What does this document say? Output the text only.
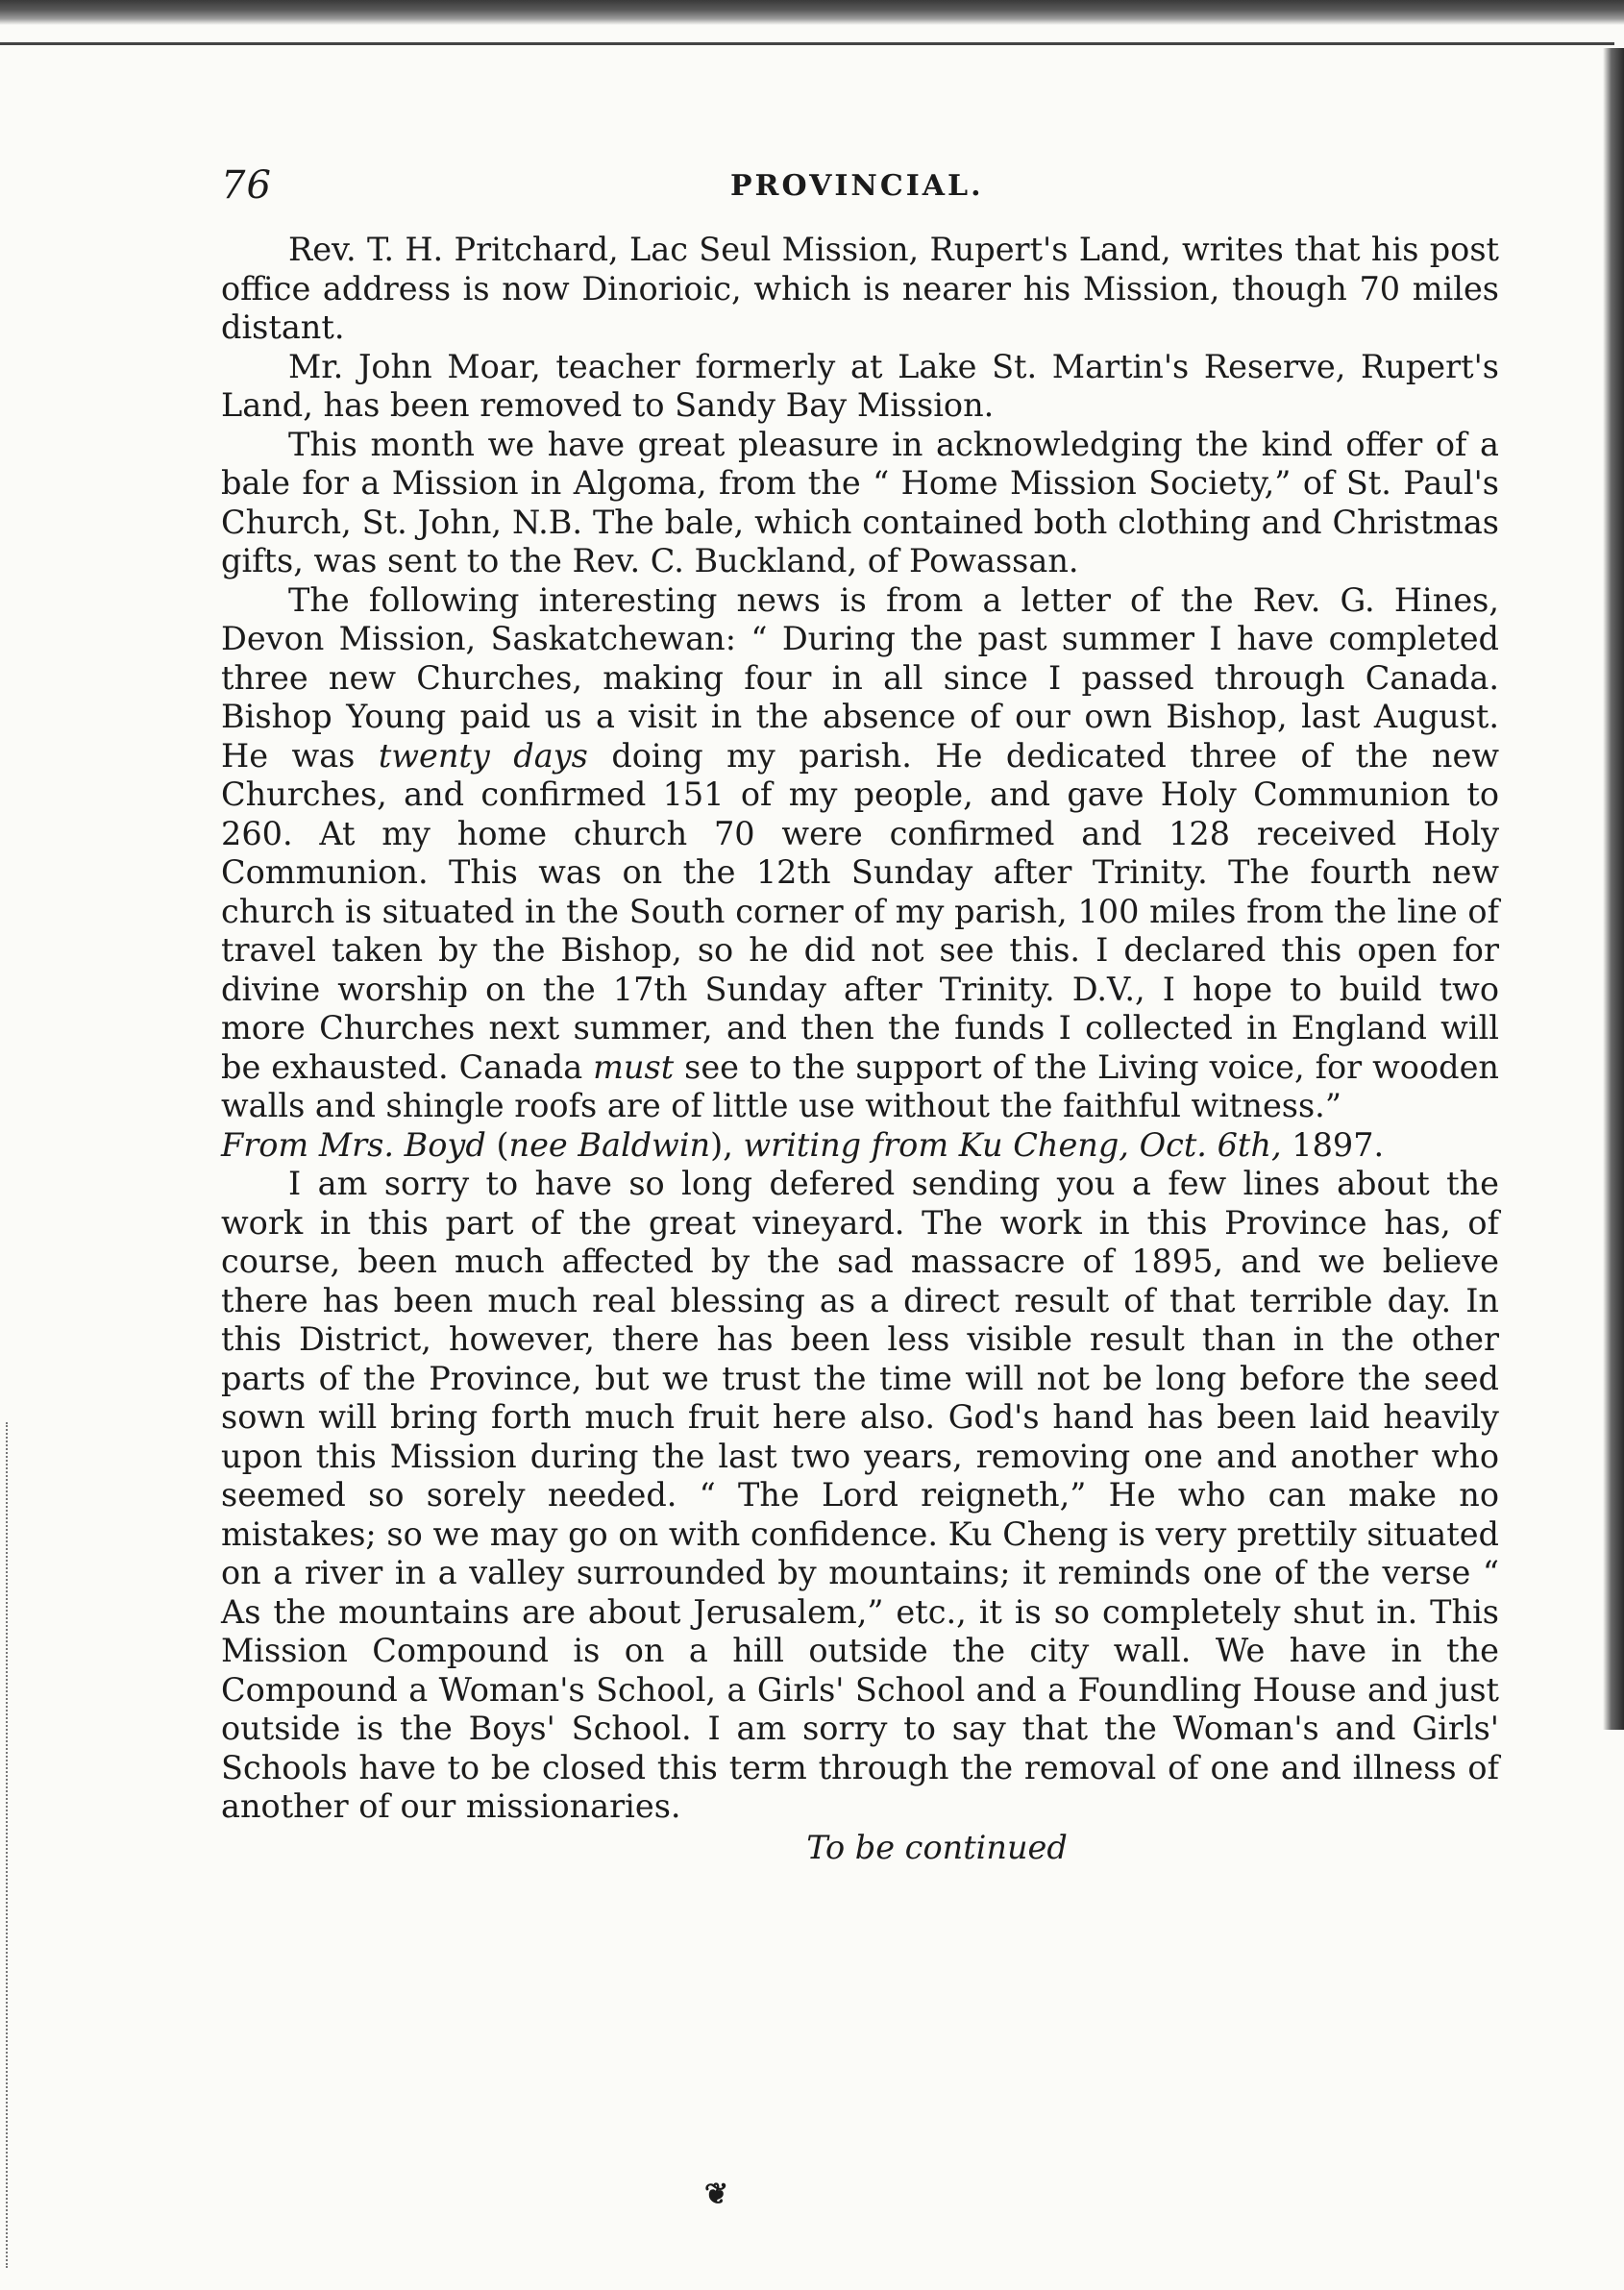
76	PROVINCIAL.

Rev. T. H. Pritchard, Lac Seul Mission, Rupert's Land, writes that his post office address is now Dinorioic, which is nearer his Mission, though 70 miles distant.

Mr. John Moar, teacher formerly at Lake St. Martin's Reserve, Rupert's Land, has been removed to Sandy Bay Mission.

This month we have great pleasure in acknowledging the kind offer of a bale for a Mission in Algoma, from the “ Home Mission Society,” of St. Paul's Church, St. John, N.B. The bale, which contained both clothing and Christmas gifts, was sent to the Rev. C. Buckland, of Powassan.

The following interesting news is from a letter of the Rev. G. Hines, Devon Mission, Saskatchewan: “ During the past summer I have completed three new Churches, making four in all since I passed through Canada. Bishop Young paid us a visit in the absence of our own Bishop, last August. He was twenty days doing my parish. He dedicated three of the new Churches, and confirmed 151 of my people, and gave Holy Communion to 260. At my home church 70 were confirmed and 128 received Holy Communion. This was on the 12th Sunday after Trinity. The fourth new church is situated in the South corner of my parish, 100 miles from the line of travel taken by the Bishop, so he did not see this. I declared this open for divine worship on the 17th Sunday after Trinity. D.V., I hope to build two more Churches next summer, and then the funds I collected in England will be exhausted. Canada must see to the support of the Living voice, for wooden walls and shingle roofs are of little use without the faithful witness.”

From Mrs. Boyd (nee Baldwin), writing from Ku Cheng, Oct. 6th, 1897.

I am sorry to have so long defered sending you a few lines about the work in this part of the great vineyard. The work in this Province has, of course, been much affected by the sad massacre of 1895, and we believe there has been much real blessing as a direct result of that terrible day. In this District, however, there has been less visible result than in the other parts of the Province, but we trust the time will not be long before the seed sown will bring forth much fruit here also. God's hand has been laid heavily upon this Mission during the last two years, removing one and another who seemed so sorely needed. “ The Lord reigneth,” He who can make no mistakes; so we may go on with confidence. Ku Cheng is very prettily situated on a river in a valley surrounded by mountains; it reminds one of the verse “ As the mountains are about Jerusalem,” etc., it is so completely shut in. This Mission Compound is on a hill outside the city wall. We have in the Compound a Woman's School, a Girls' School and a Foundling House and just outside is the Boys' School. I am sorry to say that the Woman's and Girls' Schools have to be closed this term through the removal of one and illness of another of our missionaries.

To be continued

❦
